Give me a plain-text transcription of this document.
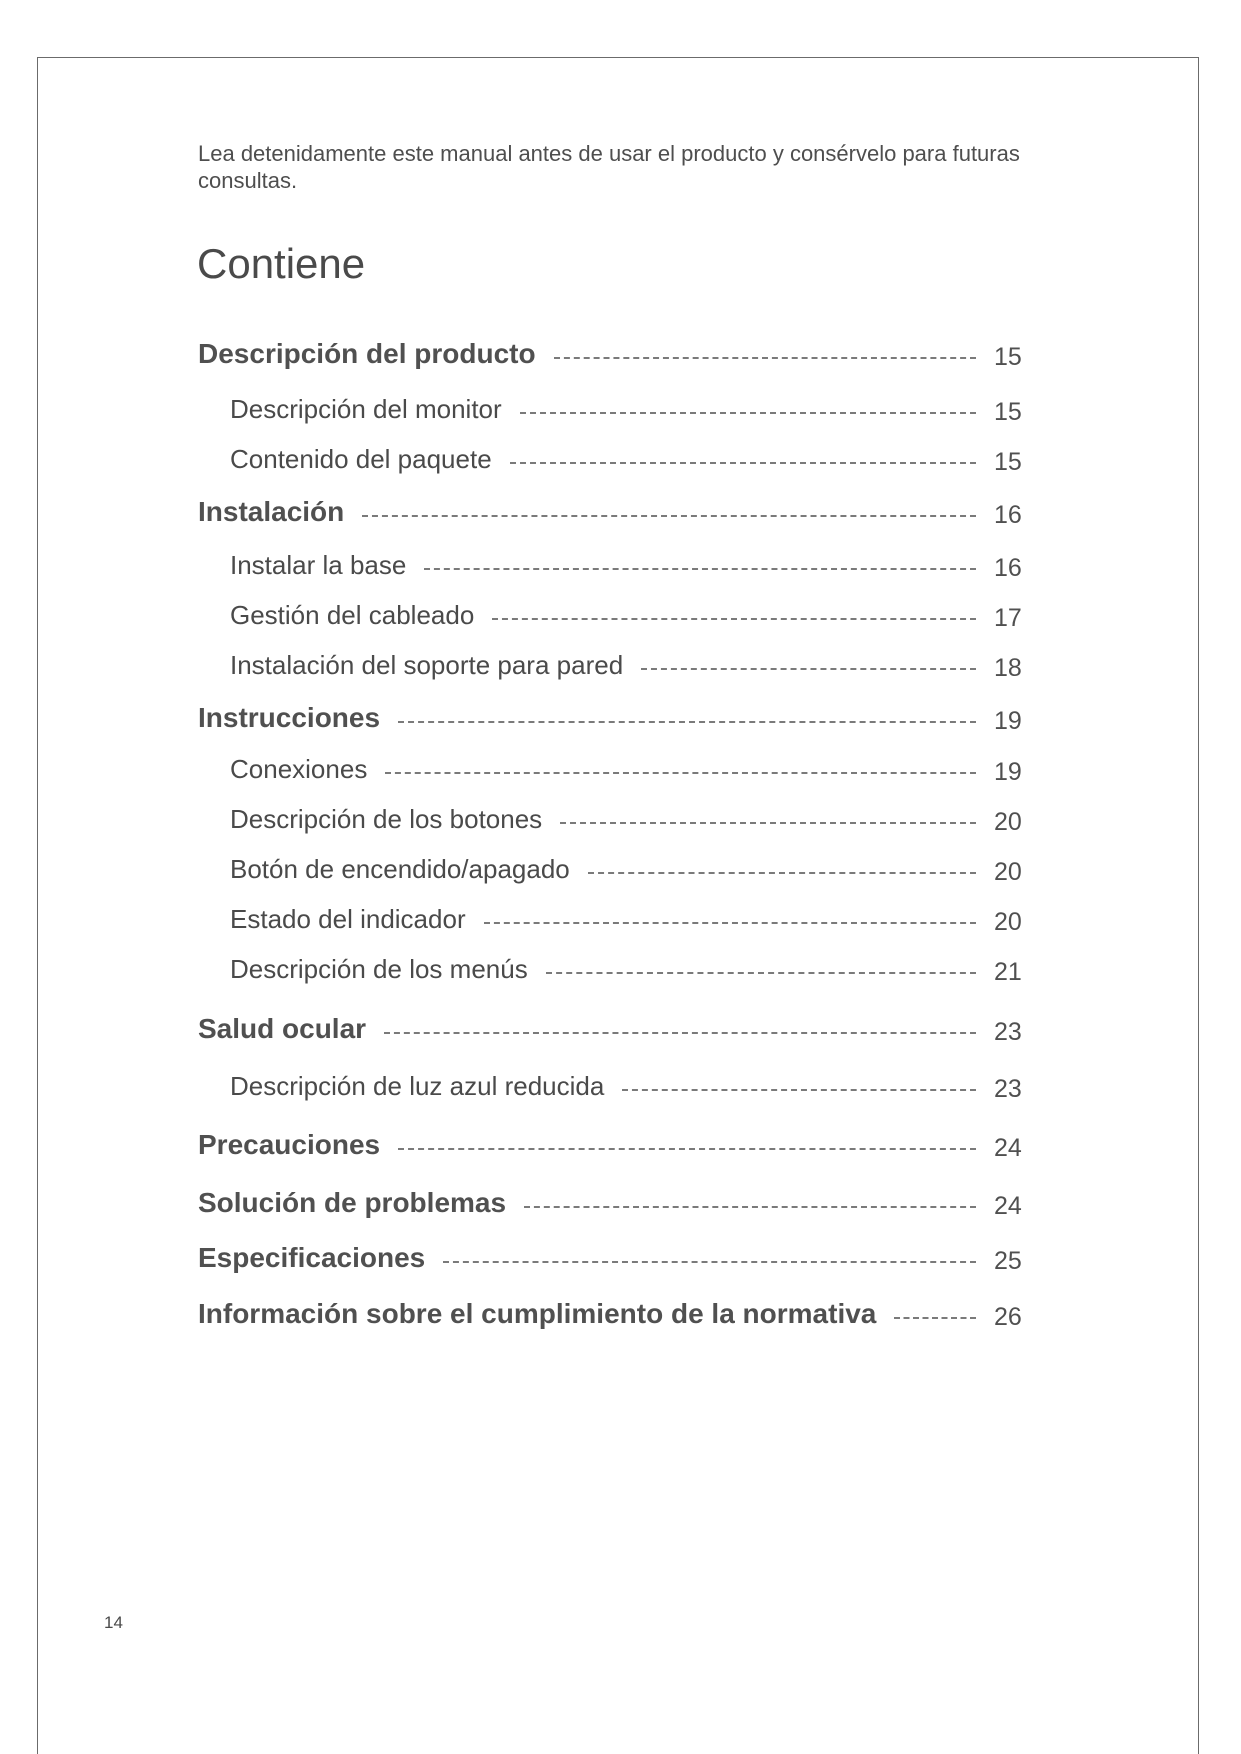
Lea detenidamente este manual antes de usar el producto y consérvelo para futuras consultas.

Contiene
Descripción del producto	15
Descripción del monitor	15
Contenido del paquete	15
Instalación	16
Instalar la base	16
Gestión del cableado	17
Instalación del soporte para pared	18
Instrucciones	19
Conexiones	19
Descripción de los botones	20
Botón de encendido/apagado	20
Estado del indicador	20
Descripción de los menús	21
Salud ocular	23
Descripción de luz azul reducida	23
Precauciones	24
Solución de problemas	24
Especificaciones	25
Información sobre el cumplimiento de la normativa	26
14
